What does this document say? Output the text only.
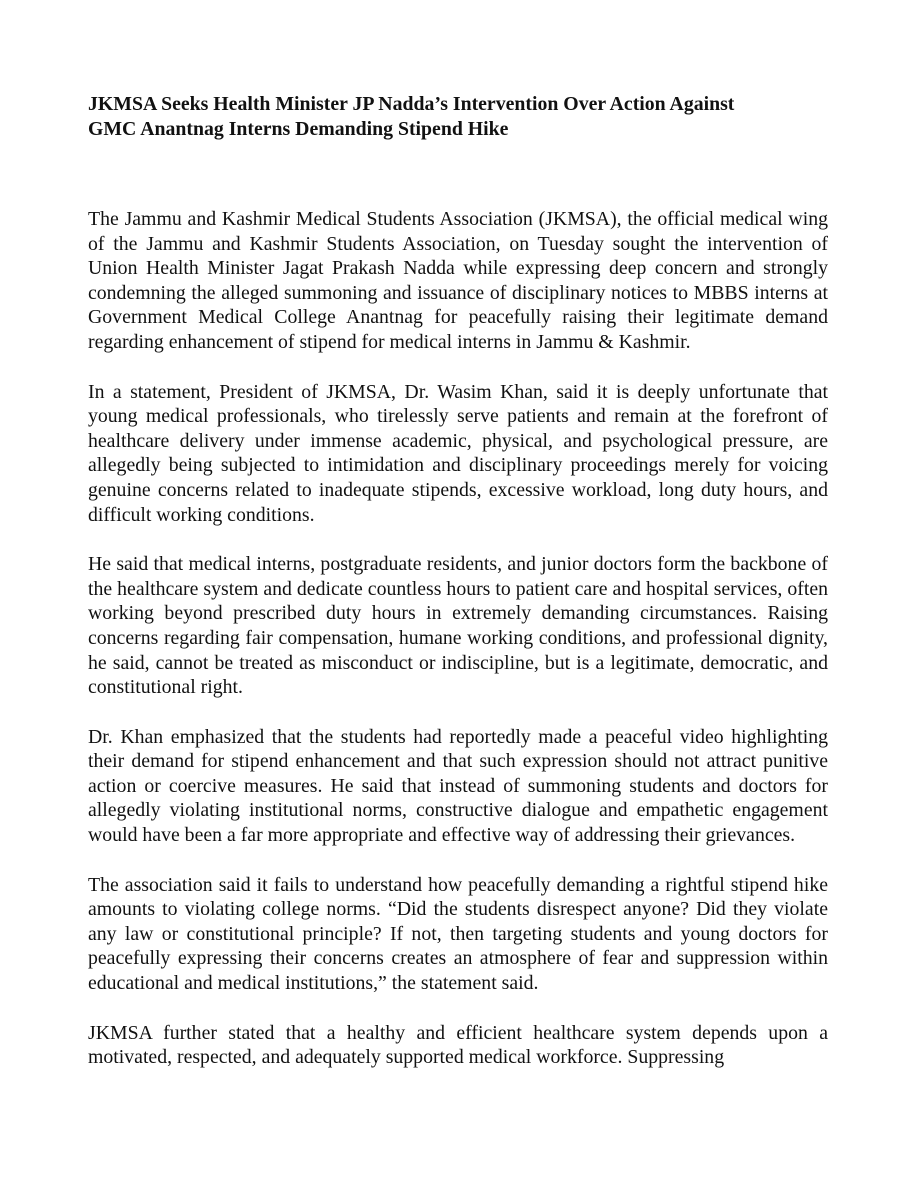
JKMSA Seeks Health Minister JP Nadda’s Intervention Over Action Against
GMC Anantnag Interns Demanding Stipend Hike

The Jammu and Kashmir Medical Students Association (JKMSA), the official medical wing of the Jammu and Kashmir Students Association, on Tuesday sought the intervention of Union Health Minister Jagat Prakash Nadda while expressing deep concern and strongly condemning the alleged summoning and issuance of disciplinary notices to MBBS interns at Government Medical College Anantnag for peacefully raising their legitimate demand regarding enhancement of stipend for medical interns in Jammu & Kashmir.

In a statement, President of JKMSA, Dr. Wasim Khan, said it is deeply unfortunate that young medical professionals, who tirelessly serve patients and remain at the forefront of healthcare delivery under immense academic, physical, and psychological pressure, are allegedly being subjected to intimidation and disciplinary proceedings merely for voicing genuine concerns related to inadequate stipends, excessive workload, long duty hours, and difficult working conditions.

He said that medical interns, postgraduate residents, and junior doctors form the backbone of the healthcare system and dedicate countless hours to patient care and hospital services, often working beyond prescribed duty hours in extremely demanding circumstances. Raising concerns regarding fair compensation, humane working conditions, and professional dignity, he said, cannot be treated as misconduct or indiscipline, but is a legitimate, democratic, and constitutional right.

Dr. Khan emphasized that the students had reportedly made a peaceful video highlighting their demand for stipend enhancement and that such expression should not attract punitive action or coercive measures. He said that instead of summoning students and doctors for allegedly violating institutional norms, constructive dialogue and empathetic engagement would have been a far more appropriate and effective way of addressing their grievances.

The association said it fails to understand how peacefully demanding a rightful stipend hike amounts to violating college norms. “Did the students disrespect anyone? Did they violate any law or constitutional principle? If not, then targeting students and young doctors for peacefully expressing their concerns creates an atmosphere of fear and suppression within educational and medical institutions,” the statement said.

JKMSA further stated that a healthy and efficient healthcare system depends upon a motivated, respected, and adequately supported medical workforce. Suppressing
